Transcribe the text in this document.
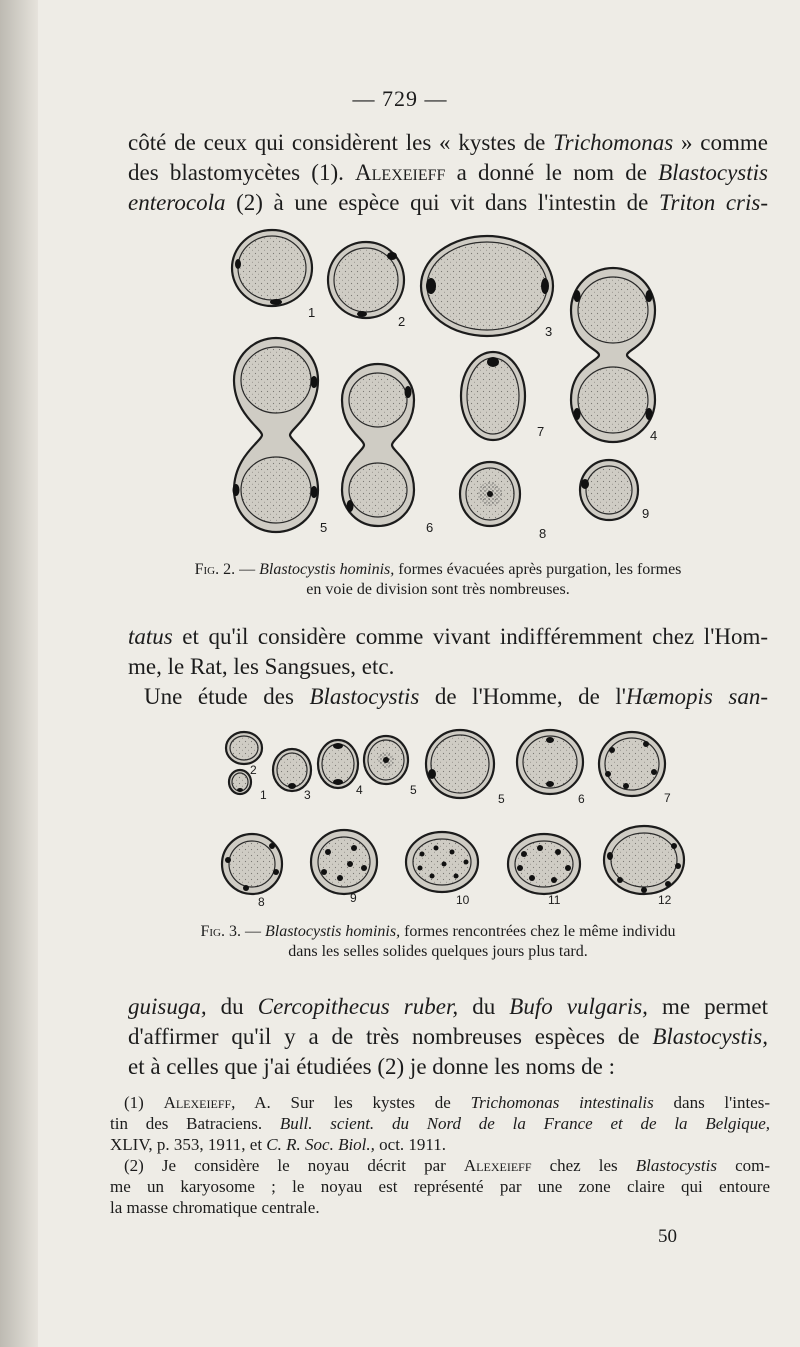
— 729 —
côté de ceux qui considèrent les « kystes de Trichomonas » comme
des blastomycètes (1). Alexeieff a donné le nom de Blastocystis
enterocola (2) à une espèce qui vit dans l'intestin de Triton cris-
1
2
3
4
5	6
7
8
9
Fig. 2. — Blastocystis hominis, formes évacuées après purgation, les formes
en voie de division sont très nombreuses.
tatus et qu'il considère comme vivant indifféremment chez l'Hom-
me, le Rat, les Sangsues, etc.
Une étude des Blastocystis de l'Homme, de l'Hæmopis san-
1
2
3	4	5
5	6	7
8	9	10	11	12
Fig. 3. — Blastocystis hominis, formes rencontrées chez le même individu
dans les selles solides quelques jours plus tard.
guisuga, du Cercopithecus ruber, du Bufo vulgaris, me permet
d'affirmer qu'il y a de très nombreuses espèces de Blastocystis,
et à celles que j'ai étudiées (2) je donne les noms de :
(1) Alexeieff, A. Sur les kystes de Trichomonas intestinalis dans l'intes-
tin des Batraciens. Bull. scient. du Nord de la France et de la Belgique,
XLIV, p. 353, 1911, et C. R. Soc. Biol., oct. 1911.
(2) Je considère le noyau décrit par Alexeieff chez les Blastocystis com-
me un karyosome ; le noyau est représenté par une zone claire qui entoure
la masse chromatique centrale.
50
